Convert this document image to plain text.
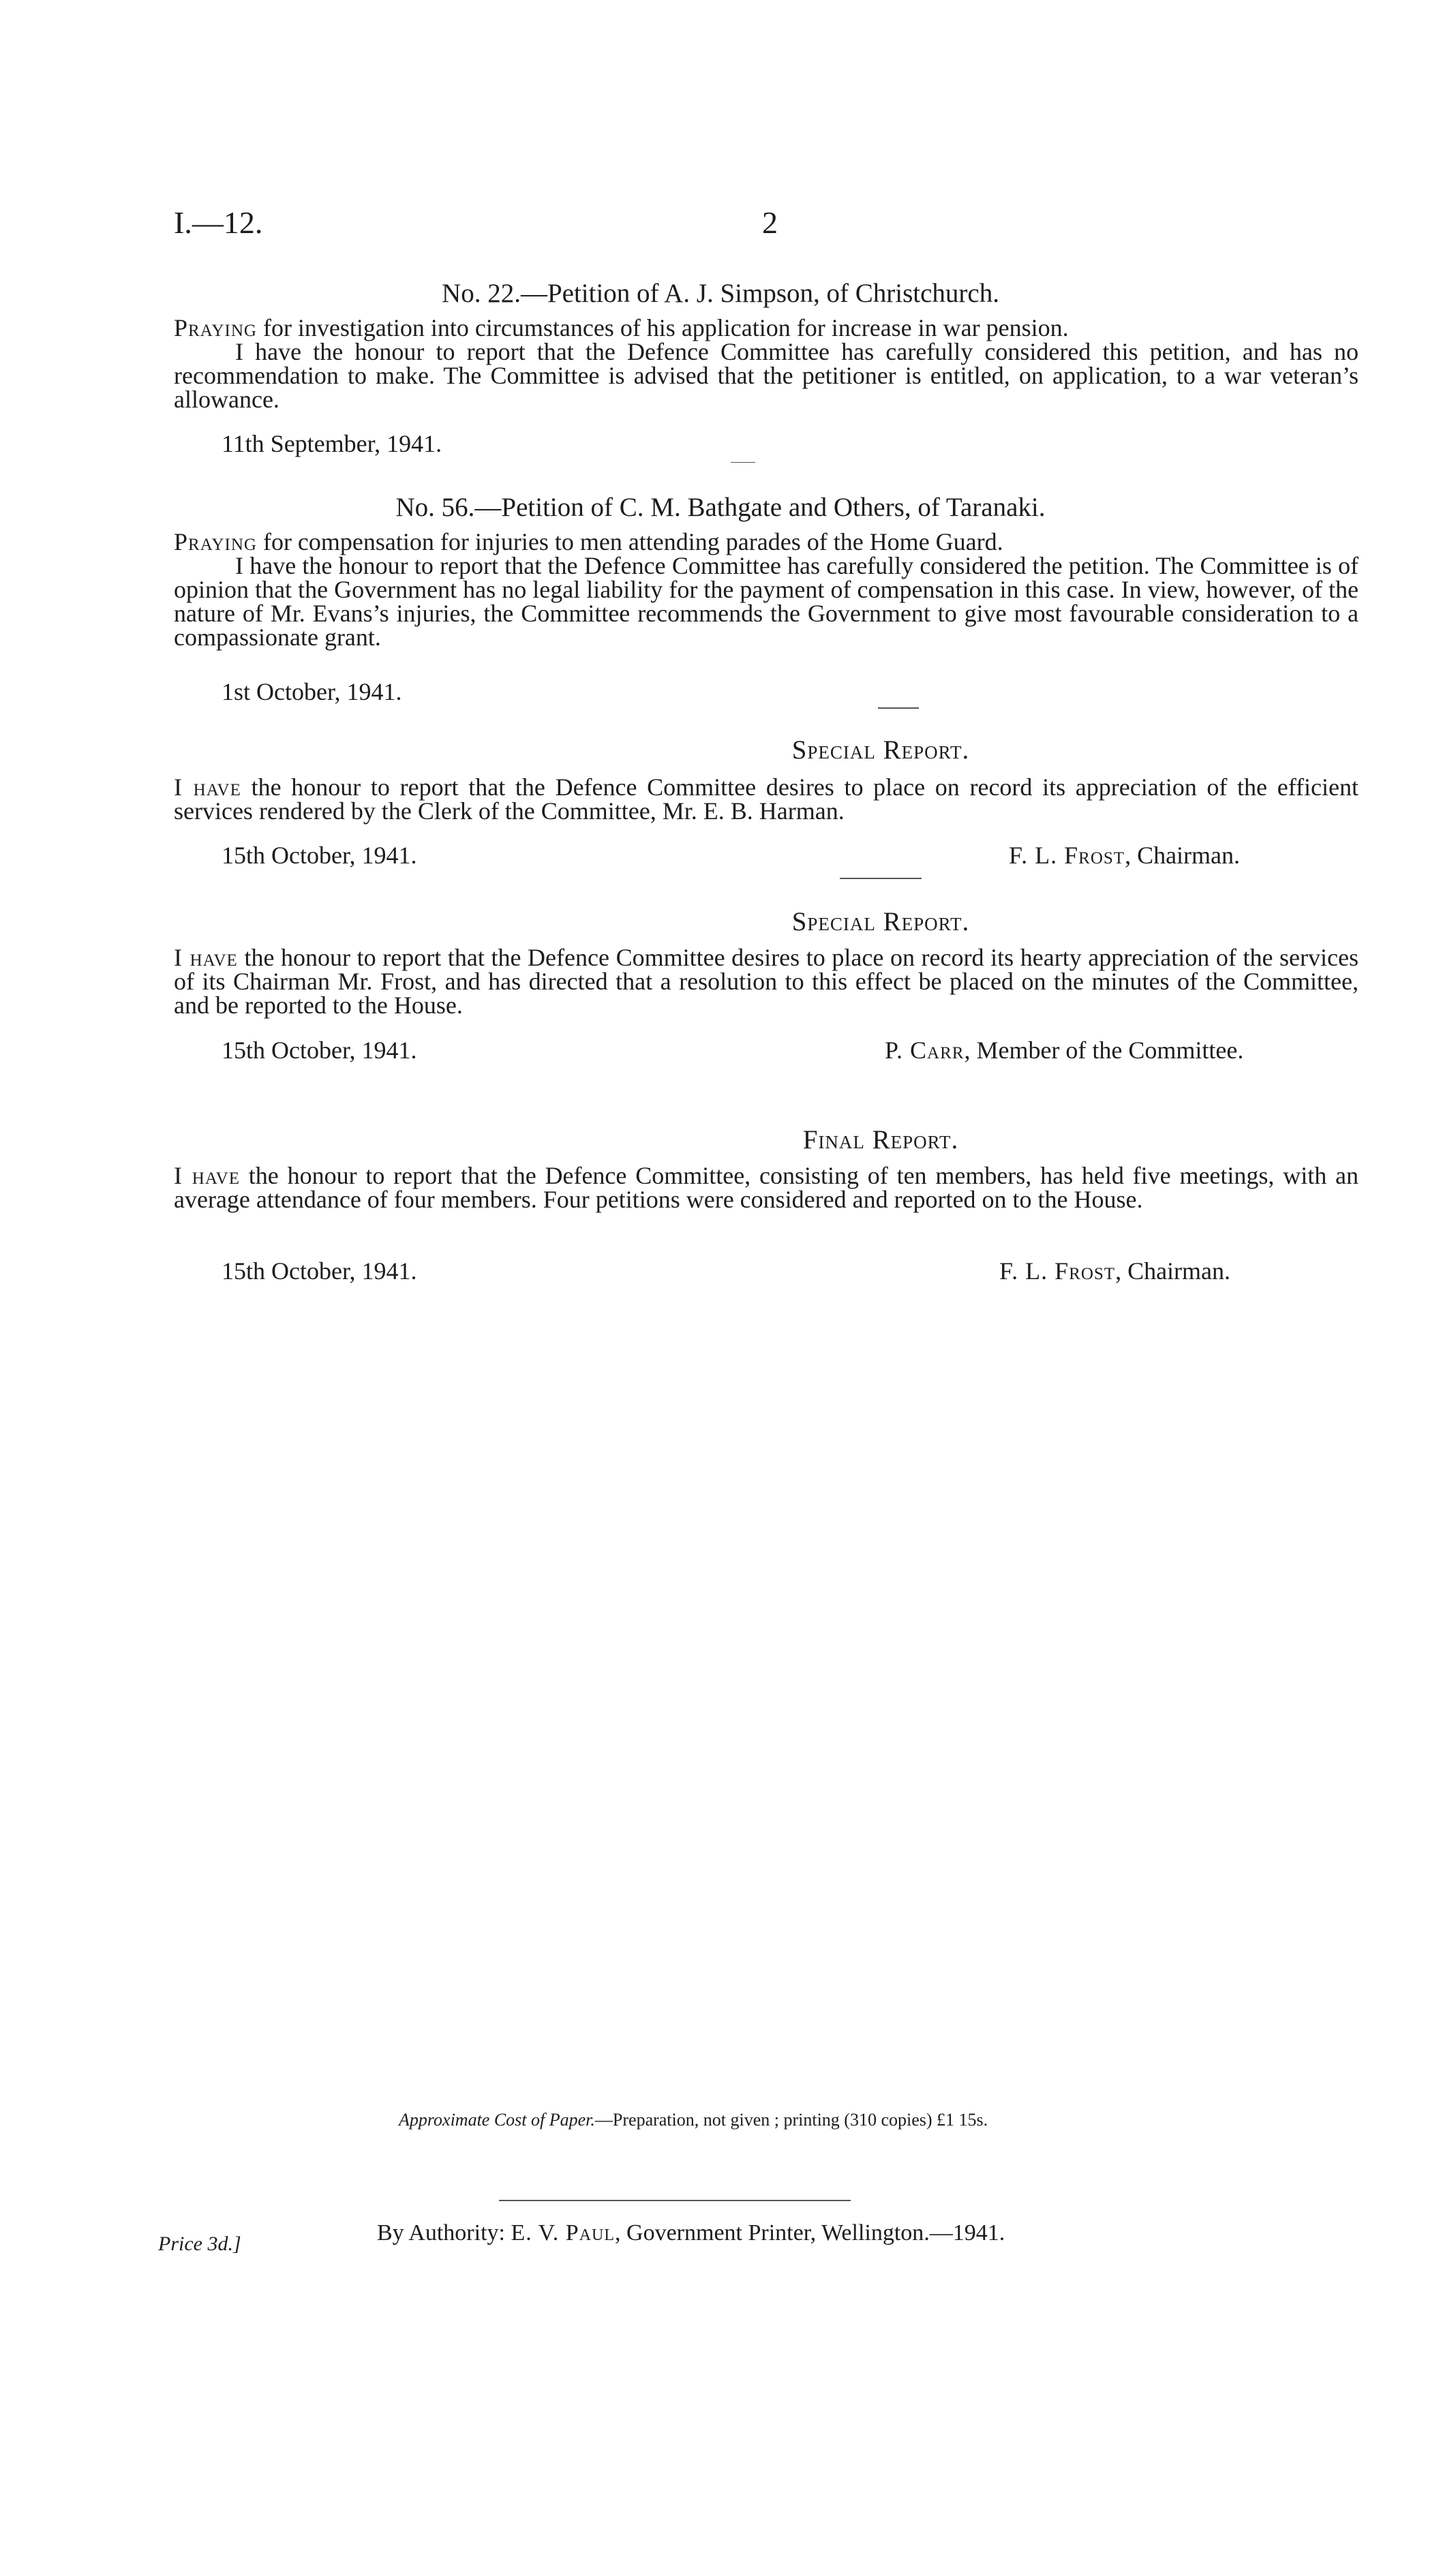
I.—12.	2
No. 22.—Petition of A. J. Simpson, of Christchurch.

Praying for investigation into circumstances of his application for increase in war pension.

I have the honour to report that the Defence Committee has carefully considered this petition, and has no recommendation to make. The Committee is advised that the petitioner is entitled, on application, to a war veteran’s allowance.

11th September, 1941.
No. 56.—Petition of C. M. Bathgate and Others, of Taranaki.

Praying for compensation for injuries to men attending parades of the Home Guard.

I have the honour to report that the Defence Committee has carefully considered the petition. The Committee is of opinion that the Government has no legal liability for the payment of compensation in this case. In view, however, of the nature of Mr. Evans’s injuries, the Committee recommends the Government to give most favourable consideration to a compassionate grant.

1st October, 1941.
Special Report.

I have the honour to report that the Defence Committee desires to place on record its appreciation of the efficient services rendered by the Clerk of the Committee, Mr. E. B. Harman.

15th October, 1941.	F. L. Frost, Chairman.
Special Report.

I have the honour to report that the Defence Committee desires to place on record its hearty appreciation of the services of its Chairman Mr. Frost, and has directed that a resolution to this effect be placed on the minutes of the Committee, and be reported to the House.

15th October, 1941.	P. Carr, Member of the Committee.
Final Report.

I have the honour to report that the Defence Committee, consisting of ten members, has held five meetings, with an average attendance of four members. Four petitions were considered and reported on to the House.

15th October, 1941.	F. L. Frost, Chairman.
Approximate Cost of Paper.—Preparation, not given ; printing (310 copies) £1 15s.
By Authority: E. V. Paul, Government Printer, Wellington.—1941.
Price 3d.]
